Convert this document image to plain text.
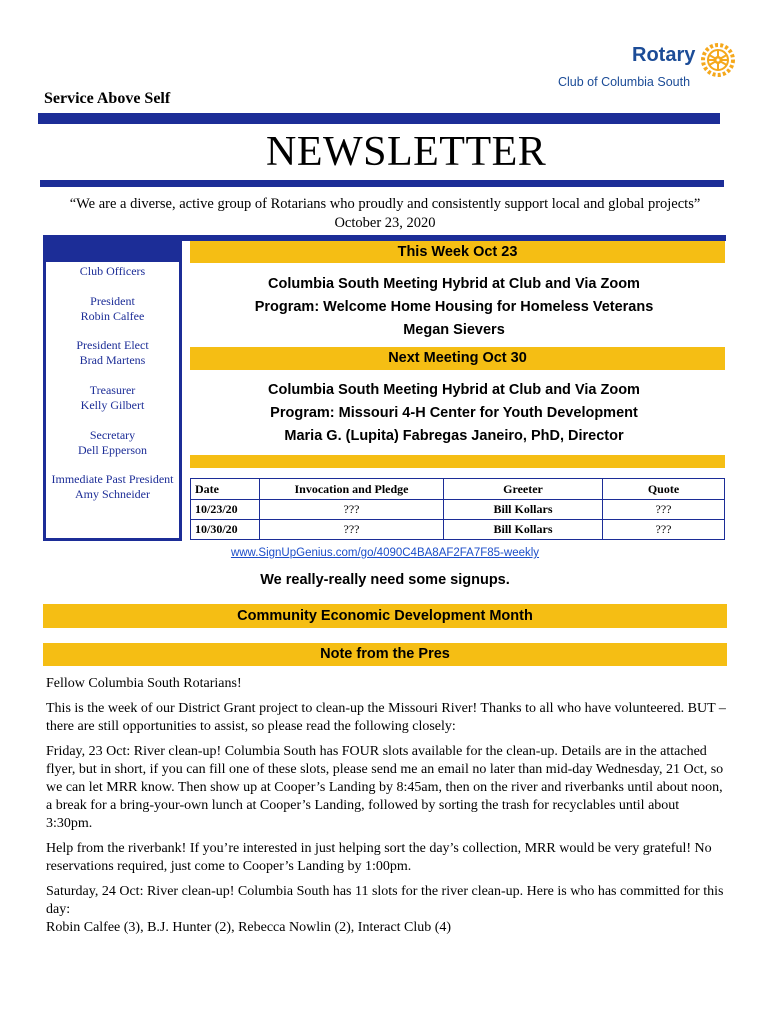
Rotary
Club of Columbia South
Service Above Self
NEWSLETTER
“We are a diverse, active group of Rotarians who proudly and consistently support local and global projects”
October 23, 2020
Club Officers
President
Robin Calfee
President Elect
Brad Martens
Treasurer
Kelly Gilbert
Secretary
Dell Epperson
Immediate Past President
Amy Schneider
This Week Oct 23
Columbia South Meeting Hybrid at Club and Via Zoom
Program: Welcome Home Housing for Homeless Veterans
Megan Sievers
Next Meeting Oct 30
Columbia South Meeting Hybrid at Club and Via Zoom
Program: Missouri 4-H Center for Youth Development
Maria G. (Lupita) Fabregas Janeiro, PhD, Director
Date	Invocation and Pledge	Greeter	Quote
10/23/20	???	Bill Kollars	???
10/30/20	???	Bill Kollars	???
www.SignUpGenius.com/go/4090C4BA8AF2FA7F85-weekly
We really-really need some signups.
Community Economic Development Month
Note from the Pres

Fellow Columbia South Rotarians!

This is the week of our District Grant project to clean-up the Missouri River! Thanks to all who have volunteered. BUT – there are still opportunities to assist, so please read the following closely:

Friday, 23 Oct: River clean-up! Columbia South has FOUR slots available for the clean-up. Details are in the attached flyer, but in short, if you can fill one of these slots, please send me an email no later than mid-day Wednesday, 21 Oct, so we can let MRR know. Then show up at Cooper’s Landing by 8:45am, then on the river and riverbanks until about noon, a break for a bring-your-own lunch at Cooper’s Landing, followed by sorting the trash for recyclables until about 3:30pm.

Help from the riverbank! If you’re interested in just helping sort the day’s collection, MRR would be very grateful! No reservations required, just come to Cooper’s Landing by 1:00pm.

Saturday, 24 Oct: River clean-up! Columbia South has 11 slots for the river clean-up. Here is who has committed for this day:

Robin Calfee (3), B.J. Hunter (2), Rebecca Nowlin (2), Interact Club (4)
